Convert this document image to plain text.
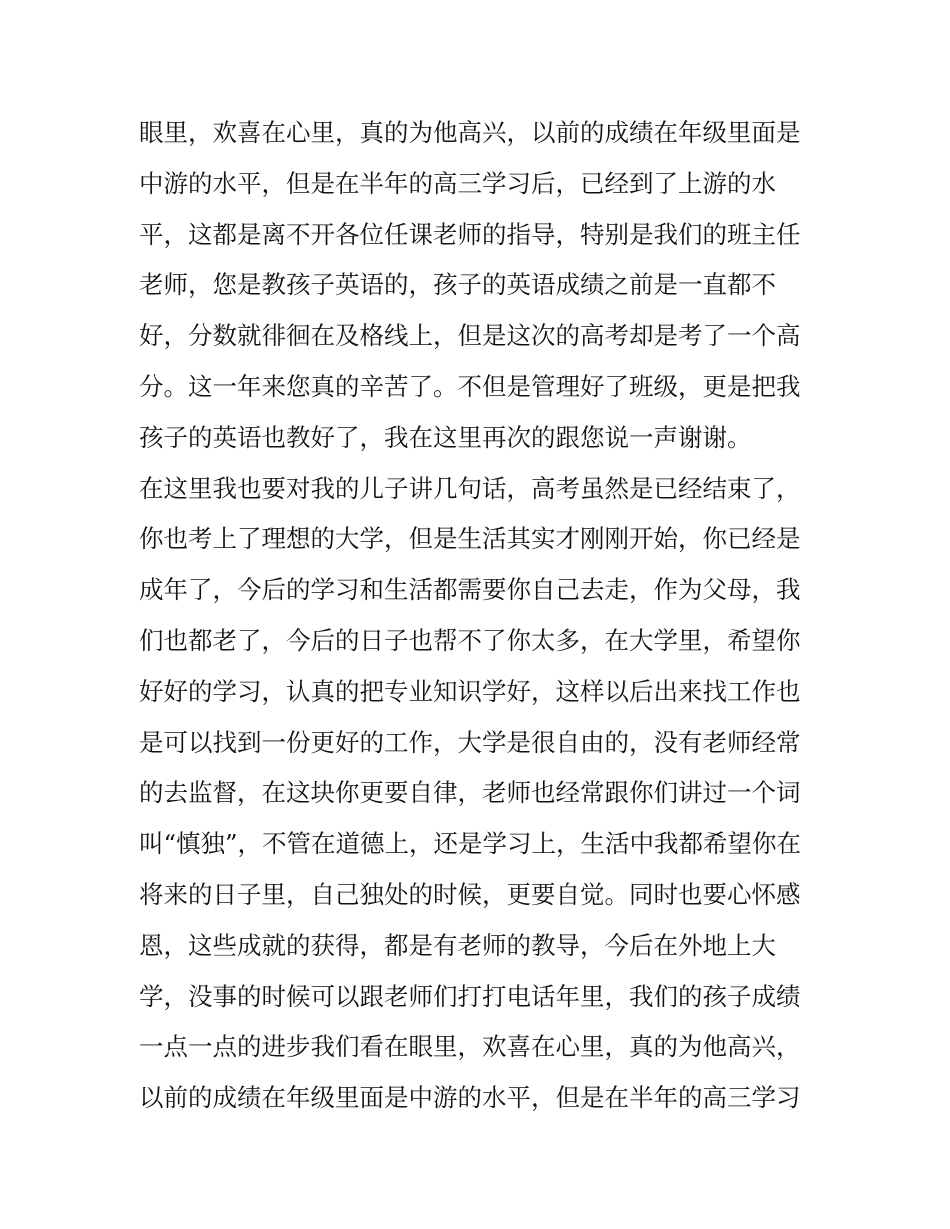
眼里，欢喜在心里，真的为他高兴，以前的成绩在年级里面是
中游的水平，但是在半年的高三学习后，已经到了上游的水
平，这都是离不开各位任课老师的指导，特别是我们的班主任
老师，您是教孩子英语的，孩子的英语成绩之前是一直都不
好，分数就徘徊在及格线上，但是这次的高考却是考了一个高
分。这一年来您真的辛苦了。不但是管理好了班级，更是把我
孩子的英语也教好了，我在这里再次的跟您说一声谢谢。
在这里我也要对我的儿子讲几句话，高考虽然是已经结束了，
你也考上了理想的大学，但是生活其实才刚刚开始，你已经是
成年了，今后的学习和生活都需要你自己去走，作为父母，我
们也都老了，今后的日子也帮不了你太多，在大学里，希望你
好好的学习，认真的把专业知识学好，这样以后出来找工作也
是可以找到一份更好的工作，大学是很自由的，没有老师经常
的去监督，在这块你更要自律，老师也经常跟你们讲过一个词
叫“慎独”，不管在道德上，还是学习上，生活中我都希望你在
将来的日子里，自己独处的时候，更要自觉。同时也要心怀感
恩，这些成就的获得，都是有老师的教导，今后在外地上大
学，没事的时候可以跟老师们打打电话年里，我们的孩子成绩
一点一点的进步我们看在眼里，欢喜在心里，真的为他高兴，
以前的成绩在年级里面是中游的水平，但是在半年的高三学习
